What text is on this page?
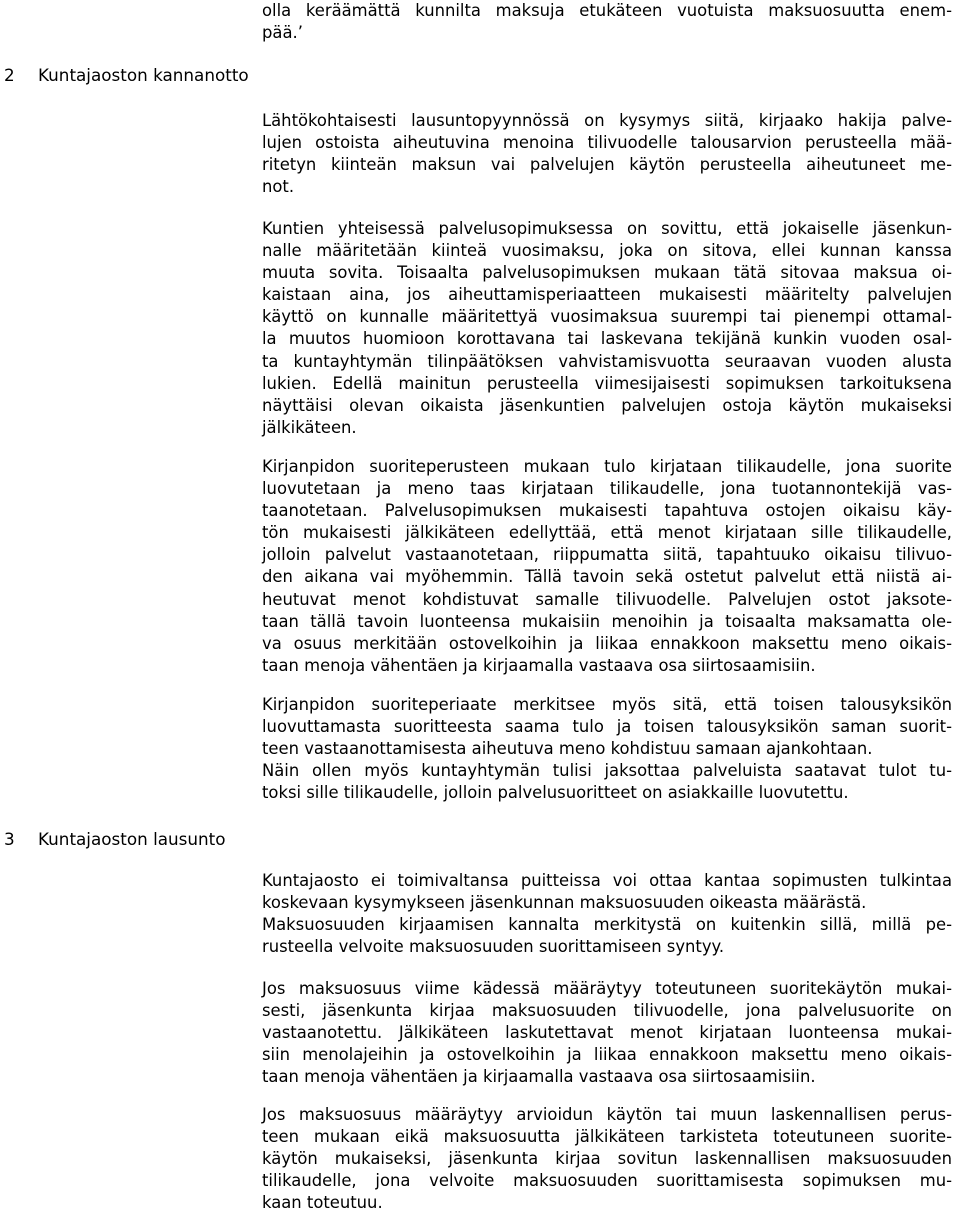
2 Kuntajaoston kannanotto
3 Kuntajaoston lausunto
olla keräämättä kunnilta maksuja etukäteen vuotuista maksuosuutta enem-
pää.’
Lähtökohtaisesti lausuntopyynnössä on kysymys siitä, kirjaako hakija palve-
lujen ostoista aiheutuvina menoina tilivuodelle talousarvion perusteella mää-
ritetyn kiinteän maksun vai palvelujen käytön perusteella aiheutuneet me-
not.
Kuntien yhteisessä palvelusopimuksessa on sovittu, että jokaiselle jäsenkun-
nalle määritetään kiinteä vuosimaksu, joka on sitova, ellei kunnan kanssa
muuta sovita. Toisaalta palvelusopimuksen mukaan tätä sitovaa maksua oi-
kaistaan aina, jos aiheuttamisperiaatteen mukaisesti määritelty palvelujen
käyttö on kunnalle määritettyä vuosimaksua suurempi tai pienempi ottamal-
la muutos huomioon korottavana tai laskevana tekijänä kunkin vuoden osal-
ta kuntayhtymän tilinpäätöksen vahvistamisvuotta seuraavan vuoden alusta
lukien. Edellä mainitun perusteella viimesijaisesti sopimuksen tarkoituksena
näyttäisi olevan oikaista jäsenkuntien palvelujen ostoja käytön mukaiseksi
jälkikäteen.
Kirjanpidon suoriteperusteen mukaan tulo kirjataan tilikaudelle, jona suorite
luovutetaan ja meno taas kirjataan tilikaudelle, jona tuotannontekijä vas-
taanotetaan. Palvelusopimuksen mukaisesti tapahtuva ostojen oikaisu käy-
tön mukaisesti jälkikäteen edellyttää, että menot kirjataan sille tilikaudelle,
jolloin palvelut vastaanotetaan, riippumatta siitä, tapahtuuko oikaisu tilivuo-
den aikana vai myöhemmin. Tällä tavoin sekä ostetut palvelut että niistä ai-
heutuvat menot kohdistuvat samalle tilivuodelle. Palvelujen ostot jaksote-
taan tällä tavoin luonteensa mukaisiin menoihin ja toisaalta maksamatta ole-
va osuus merkitään ostovelkoihin ja liikaa ennakkoon maksettu meno oikais-
taan menoja vähentäen ja kirjaamalla vastaava osa siirtosaamisiin.
Kirjanpidon suoriteperiaate merkitsee myös sitä, että toisen talousyksikön
luovuttamasta suoritteesta saama tulo ja toisen talousyksikön saman suorit-
teen vastaanottamisesta aiheutuva meno kohdistuu samaan ajankohtaan.
Näin ollen myös kuntayhtymän tulisi jaksottaa palveluista saatavat tulot tu-
toksi sille tilikaudelle, jolloin palvelusuoritteet on asiakkaille luovutettu.
Kuntajaosto ei toimivaltansa puitteissa voi ottaa kantaa sopimusten tulkintaa
koskevaan kysymykseen jäsenkunnan maksuosuuden oikeasta määrästä.
Maksuosuuden kirjaamisen kannalta merkitystä on kuitenkin sillä, millä pe-
rusteella velvoite maksuosuuden suorittamiseen syntyy.
Jos maksuosuus viime kädessä määräytyy toteutuneen suoritekäytön mukai-
sesti, jäsenkunta kirjaa maksuosuuden tilivuodelle, jona palvelusuorite on
vastaanotettu. Jälkikäteen laskutettavat menot kirjataan luonteensa mukai-
siin menolajeihin ja ostovelkoihin ja liikaa ennakkoon maksettu meno oikais-
taan menoja vähentäen ja kirjaamalla vastaava osa siirtosaamisiin.
Jos maksuosuus määräytyy arvioidun käytön tai muun laskennallisen perus-
teen mukaan eikä maksuosuutta jälkikäteen tarkisteta toteutuneen suorite-
käytön mukaiseksi, jäsenkunta kirjaa sovitun laskennallisen maksuosuuden
tilikaudelle, jona velvoite maksuosuuden suorittamisesta sopimuksen mu-
kaan toteutuu.
